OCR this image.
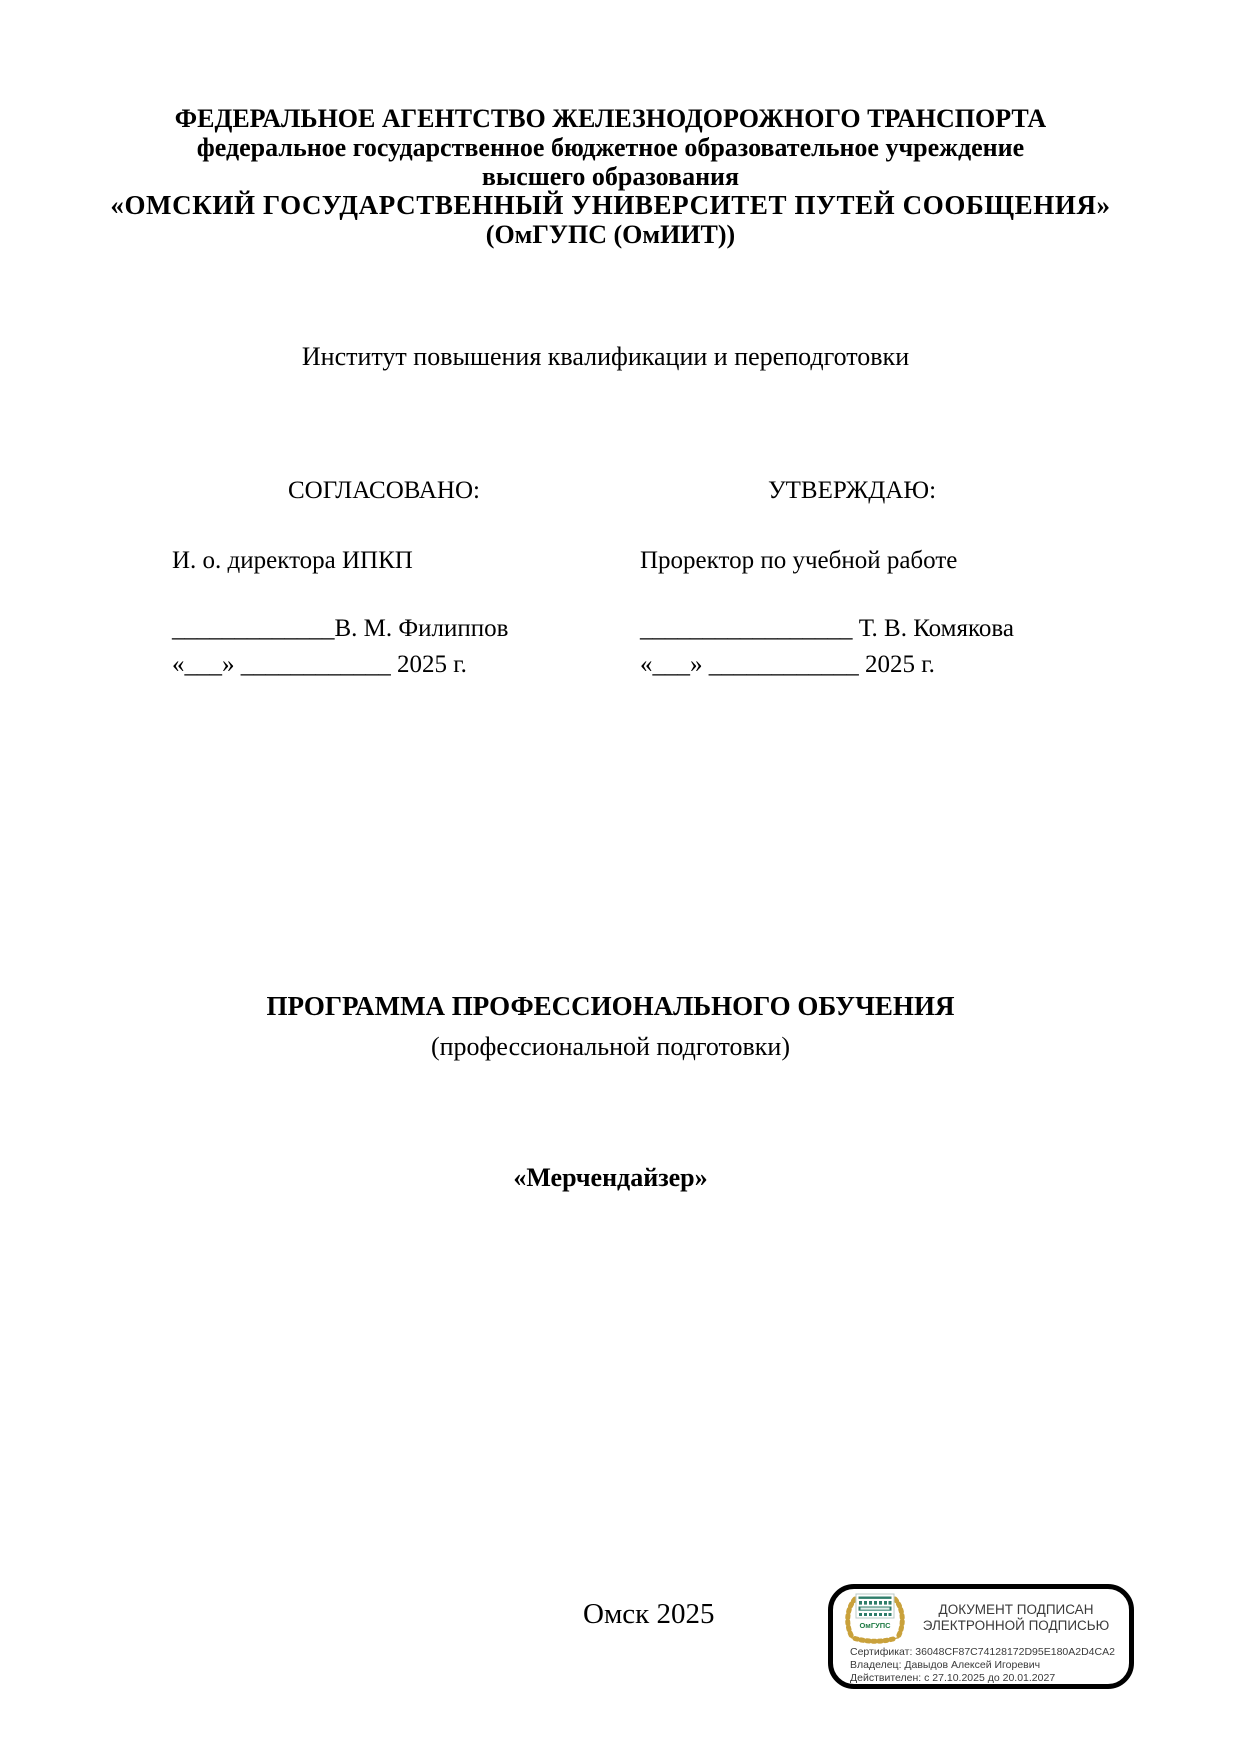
ФЕДЕРАЛЬНОЕ АГЕНТСТВО ЖЕЛЕЗНОДОРОЖНОГО ТРАНСПОРТА
федеральное государственное бюджетное образовательное учреждение
высшего образования
«ОМСКИЙ ГОСУДАРСТВЕННЫЙ УНИВЕРСИТЕТ ПУТЕЙ СООБЩЕНИЯ»
(ОмГУПС (ОмИИТ))
Институт повышения квалификации и переподготовки
СОГЛАСОВАНО:
И. о. директора ИПКП
_____________В. М. Филиппов
«___» ____________ 2025 г.
УТВЕРЖДАЮ:
Проректор по учебной работе
_________________ Т. В. Комякова
«___» ____________ 2025 г.
ПРОГРАММА ПРОФЕССИОНАЛЬНОГО ОБУЧЕНИЯ
(профессиональной подготовки)
«Мерчендайзер»
Омск 2025	ОмГУПС
ДОКУМЕНТ ПОДПИСАН
ЭЛЕКТРОННОЙ ПОДПИСЬЮ
Сертификат: 36048CF87C74128172D95E180A2D4CA2
Владелец: Давыдов Алексей Игоревич
Действителен: с 27.10.2025 до 20.01.2027
